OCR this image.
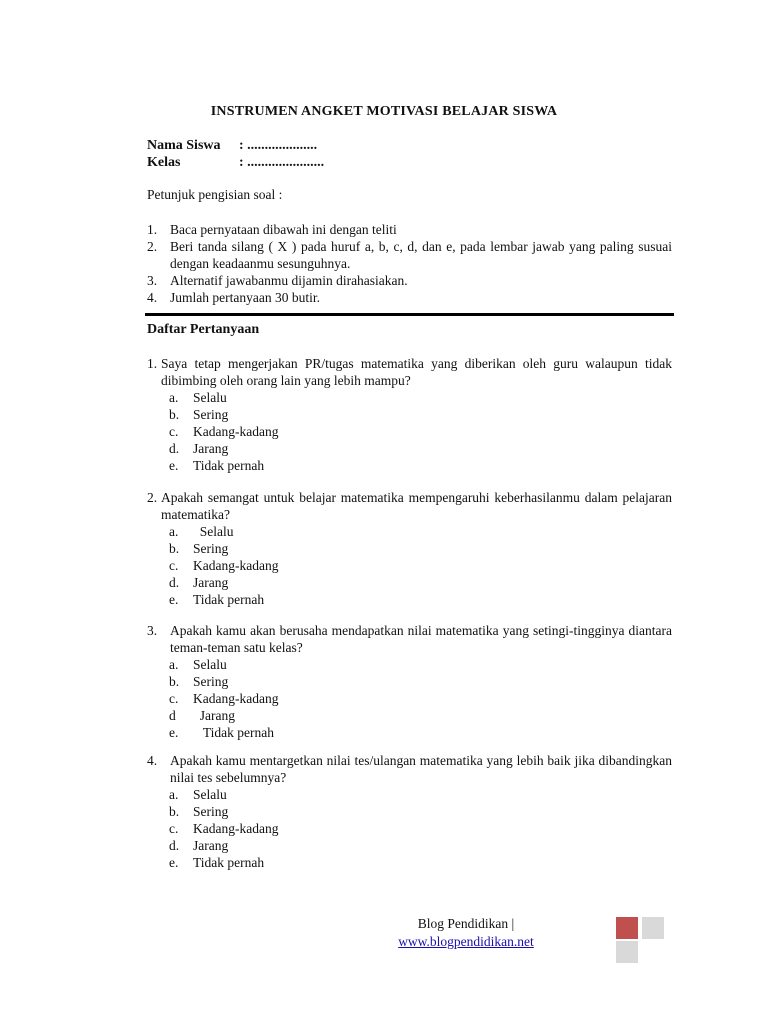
INSTRUMEN ANGKET MOTIVASI BELAJAR SISWA
Nama Siswa : ....................
Kelas	: ......................
Petunjuk pengisian soal :
1. Baca pernyataan dibawah ini dengan teliti
2. Beri tanda silang ( X ) pada huruf a, b, c, d, dan e, pada lembar jawab yang paling susuai dengan keadaanmu sesunguhnya.
3. Alternatif jawabanmu dijamin dirahasiakan.
4. Jumlah pertanyaan 30 butir.
Daftar Pertanyaan
1. Saya tetap mengerjakan PR/tugas matematika yang diberikan oleh guru walaupun tidak dibimbing oleh orang lain yang lebih mampu?
a. Selalu
b. Sering
c. Kadang-kadang
d. Jarang
e. Tidak pernah
2. Apakah semangat untuk belajar matematika mempengaruhi keberhasilanmu dalam pelajaran matematika?
a. Selalu
b. Sering
c. Kadang-kadang
d. Jarang
e. Tidak pernah
3. Apakah kamu akan berusaha mendapatkan nilai matematika yang setingi-tingginya diantara teman-teman satu kelas?
a. Selalu
b. Sering
c. Kadang-kadang
d Jarang
e. Tidak pernah
4. Apakah kamu mentargetkan nilai tes/ulangan matematika yang lebih baik jika dibandingkan nilai tes sebelumnya?
a. Selalu
b. Sering
c. Kadang-kadang
d. Jarang
e. Tidak pernah
Blog Pendidikan |
www.blogpendidikan.net
